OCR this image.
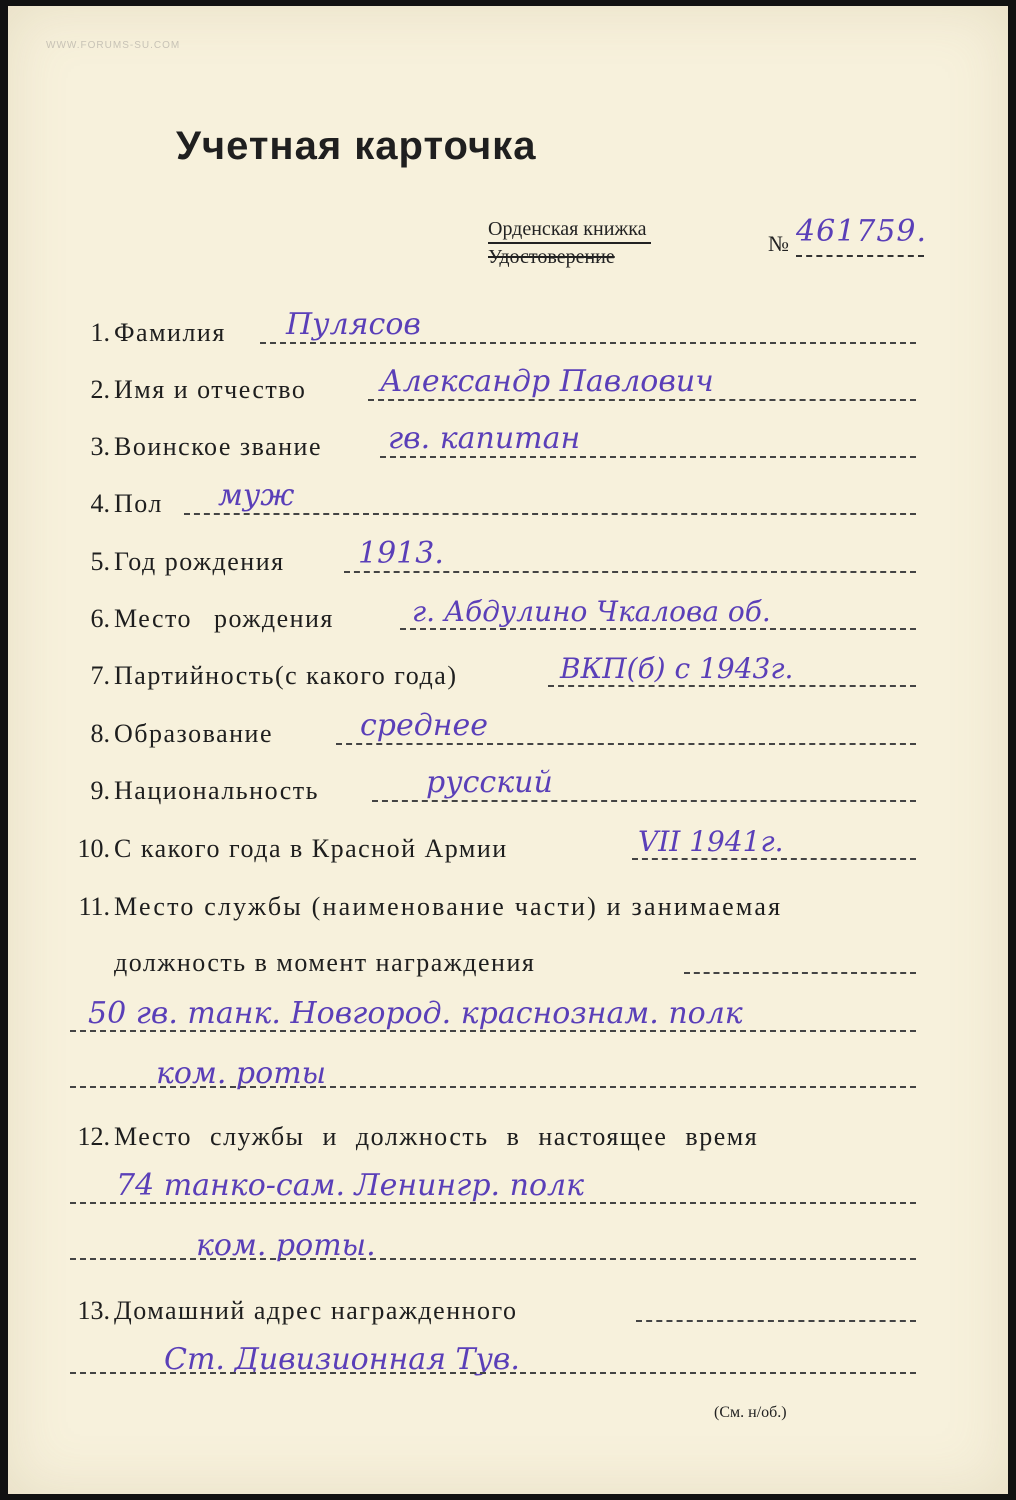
WWW.FORUMS-SU.COM
Учетная карточка
Орденская книжка
Удостоверение
№ 461759.
1. Фамилия Пулясов
2. Имя и отчество Александр Павлович
3. Воинское звание гв. капитан
4. Пол муж
5. Год рождения 1913.
6. Место рождения	г. Абдулино Чкалова об.
7. Партийность(с какого года)	ВКП(б) с 1943г.
8. Образование	среднее
9. Национальность	русский
10. С какого года в Красной Армии	VII 1941г.
11. Место службы (наименование части) и занимаемая
должность в момент награждения
50 гв. танк. Новгород. краснознам. полк
ком. роты
12. Место службы и должность в настоящее время
74 танко-сам. Ленингр. полк
ком. роты.
13. Домашний адрес награжденного
Ст. Дивизионная Тув.
(См. н/об.)
